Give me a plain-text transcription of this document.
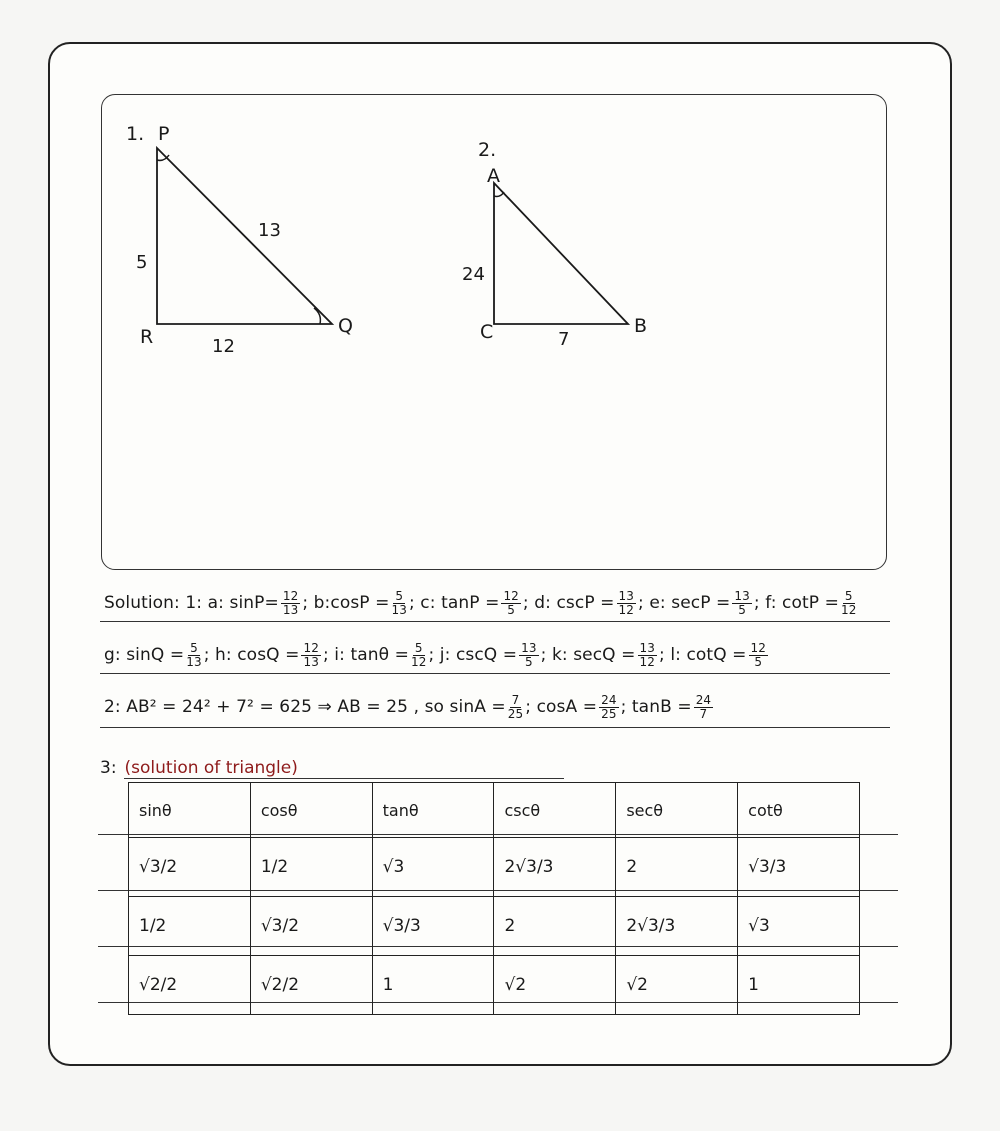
1. P
R	Q
5
13
12
2.
A
C	B
24
7
Solution: 1: a: $\sin P= \frac{12}{13}$ ; b:cosP = $\frac{5}{13}$ ; c: $\tan P = \frac{12}{5}$ ; d: $\csc P = \frac{13}{12}$ ; e: $\sec P = \frac{13}{5}$ ; f: $\cot P = \frac{5}{12}$
g: $\sin Q = \frac{5}{13}$ ; h: $\cos Q = \frac{12}{13}$ ; i: $\tan\theta = \frac{5}{12}$ ; j: $\csc Q = \frac{13}{5}$ ; k: $\sec Q = \frac{13}{12}$ ; l: $\cot Q = \frac{12}{5}$
2: AB² = 24² + 7² = 625 ⇒ AB = 25 , so $\sin A = \frac{7}{25}$ ; $\cos A = \frac{24}{25}$ ; $\tan B = \frac{24}{7}$
3: (solution of triangle)
sinθ	cosθ	tanθ	cscθ	secθ	cotθ
√3/2	1/2	√3	2√3/3	2	√3/3
1/2	√3/2	√3/3	2	2√3/3	√3
√2/2	√2/2	1	√2	√2	1
